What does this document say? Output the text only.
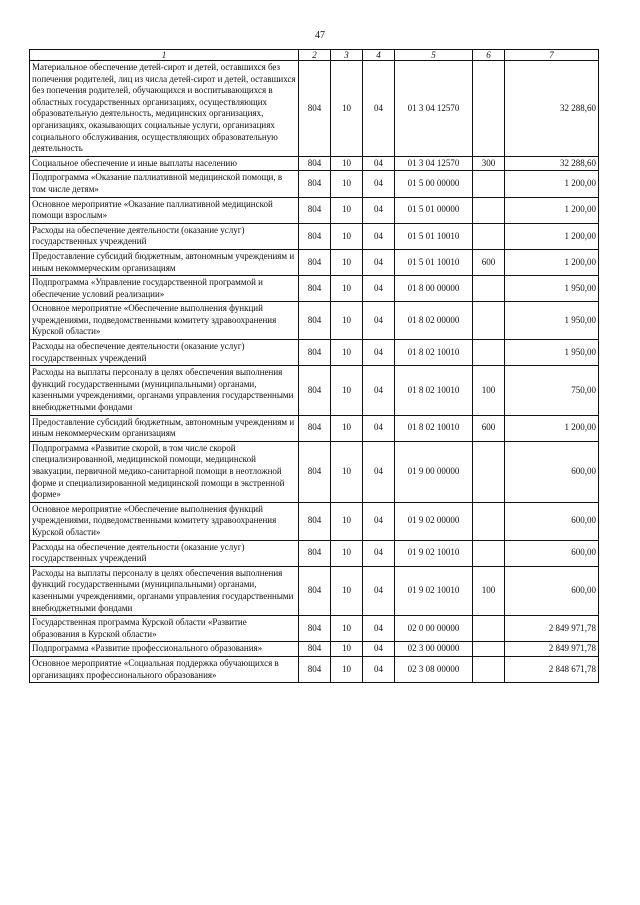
47
1	2	3	4	5	6	7
Материальное обеспечение детей-сирот и детей, оставшихся без попечения родителей, лиц из числа детей-сирот и детей, оставшихся без попечения родителей, обучающихся и воспитывающихся в областных государственных организациях, осуществляющих образовательную деятельность, медицинских организациях, организациях, оказывающих социальные услуги, организациях социального обслуживания, осуществляющих образовательную деятельность	804	10	04	01 3 04 12570		32 288,60
Социальное обеспечение и иные выплаты населению	804	10	04	01 3 04 12570	300	32 288,60
Подпрограмма «Оказание паллиативной медицинской помощи, в том числе детям»	804	10	04	01 5 00 00000		1 200,00
Основное мероприятие «Оказание паллиативной медицинской помощи взрослым»	804	10	04	01 5 01 00000		1 200,00
Расходы на обеспечение деятельности (оказание услуг) государственных учреждений	804	10	04	01 5 01 10010		1 200,00
Предоставление субсидий бюджетным, автономным учреждениям и иным некоммерческим организациям	804	10	04	01 5 01 10010	600	1 200,00
Подпрограмма «Управление государственной программой и обеспечение условий реализации»	804	10	04	01 8 00 00000		1 950,00
Основное мероприятие «Обеспечение выполнения функций учреждениями, подведомственными комитету здравоохранения Курской области»	804	10	04	01 8 02 00000		1 950,00
Расходы на обеспечение деятельности (оказание услуг) государственных учреждений	804	10	04	01 8 02 10010		1 950,00
Расходы на выплаты персоналу в целях обеспечения выполнения функций государственными (муниципальными) органами, казенными учреждениями, органами управления государственными внебюджетными фондами	804	10	04	01 8 02 10010	100	750,00
Предоставление субсидий бюджетным, автономным учреждениям и иным некоммерческим организациям	804	10	04	01 8 02 10010	600	1 200,00
Подпрограмма «Развитие скорой, в том числе скорой специализированной, медицинской помощи, медицинской эвакуации, первичной медико-санитарной помощи в неотложной форме и специализированной медицинской помощи в экстренной форме»	804	10	04	01 9 00 00000		600,00
Основное мероприятие «Обеспечение выполнения функций учреждениями, подведомственными комитету здравоохранения Курской области»	804	10	04	01 9 02 00000		600,00
Расходы на обеспечение деятельности (оказание услуг) государственных учреждений	804	10	04	01 9 02 10010		600,00
Расходы на выплаты персоналу в целях обеспечения выполнения функций государственными (муниципальными) органами, казенными учреждениями, органами управления государственными внебюджетными фондами	804	10	04	01 9 02 10010	100	600,00
Государственная программа Курской области «Развитие образования в Курской области»	804	10	04	02 0 00 00000		2 849 971,78
Подпрограмма «Развитие профессионального образования»	804	10	04	02 3 00 00000		2 849 971,78
Основное мероприятие «Социальная поддержка обучающихся в организациях профессионального образования»	804	10	04	02 3 08 00000		2 848 671,78
